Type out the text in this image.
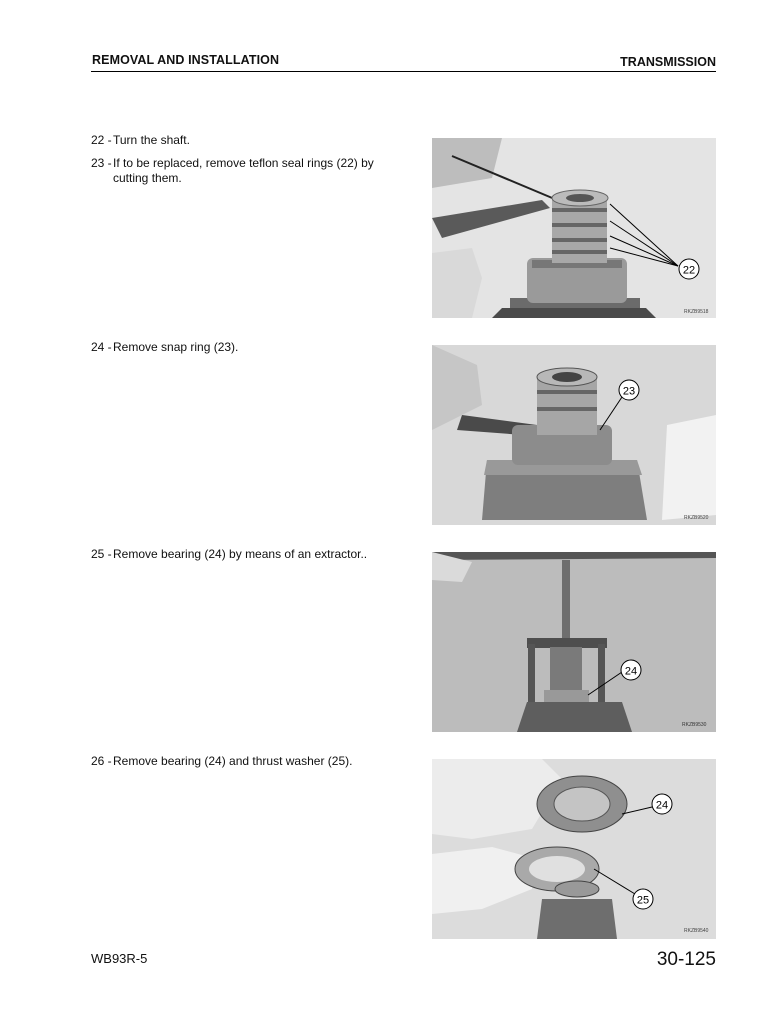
REMOVAL AND INSTALLATION	TRANSMISSION
22 - Turn the shaft.
23 - If to be replaced, remove teflon seal rings (22) by cutting them.
24 - Remove snap ring (23).
25 - Remove bearing (24) by means of an extractor..
26 - Remove bearing (24) and thrust washer (25).
22
RKZB9518
23
RKZB9520
24
RKZB9530
24
25
RKZB9540
WB93R-5	30-125
